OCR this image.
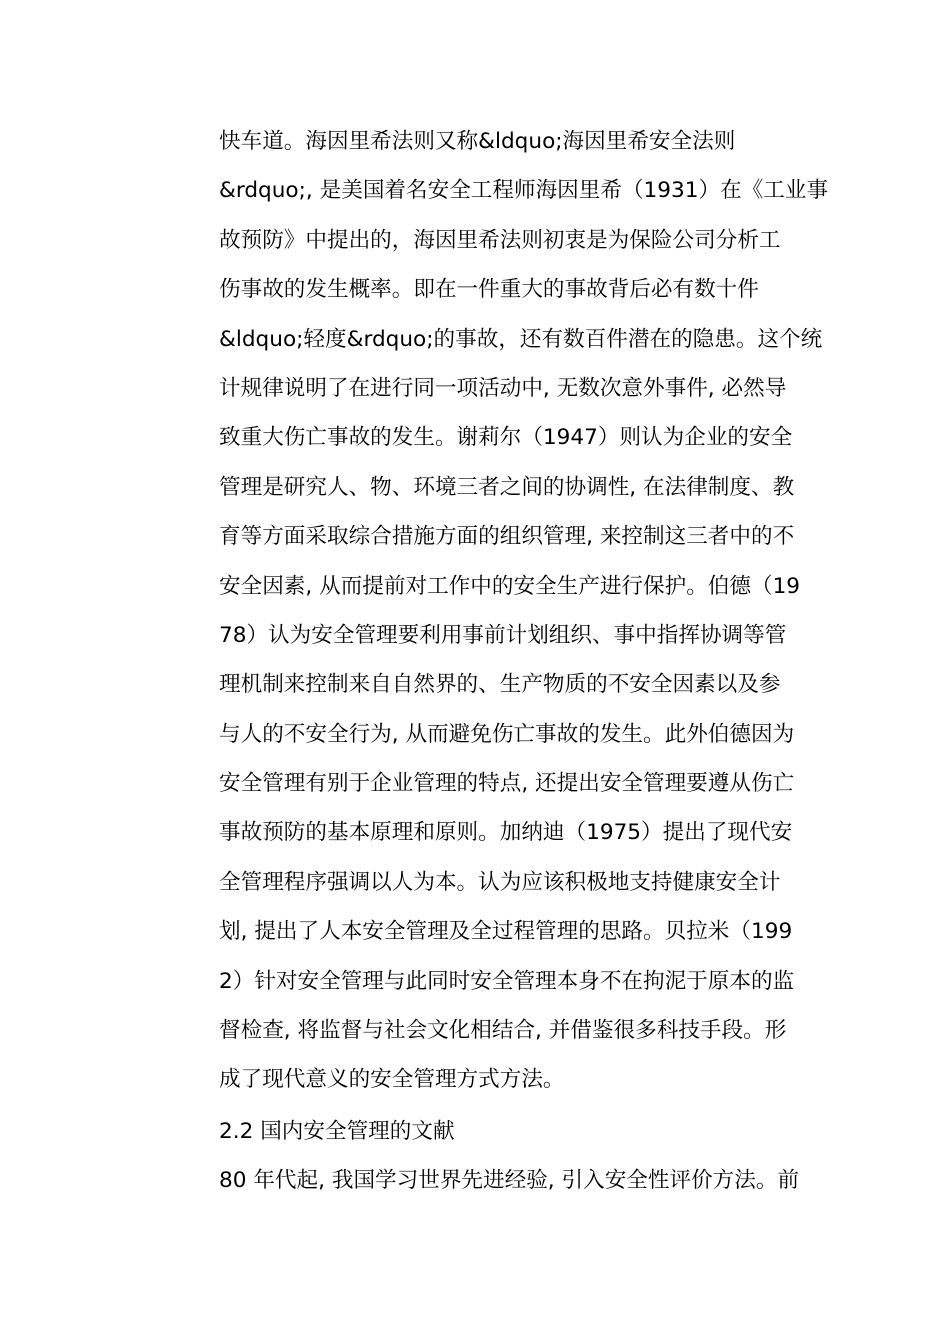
快车道。海因里希法则又称&ldquo;海因里希安全法则
&rdquo;, 是美国着名安全工程师海因里希（1931）在《工业事
故预防》中提出的，海因里希法则初衷是为保险公司分析工
伤事故的发生概率。即在一件重大的事故背后必有数十件
&ldquo;轻度&rdquo;的事故，还有数百件潜在的隐患。这个统
计规律说明了在进行同一项活动中, 无数次意外事件, 必然导
致重大伤亡事故的发生。谢莉尔（1947）则认为企业的安全
管理是研究人、物、环境三者之间的协调性, 在法律制度、教
育等方面采取综合措施方面的组织管理, 来控制这三者中的不
安全因素, 从而提前对工作中的安全生产进行保护。伯德（19
78）认为安全管理要利用事前计划组织、事中指挥协调等管
理机制来控制来自自然界的、生产物质的不安全因素以及参
与人的不安全行为, 从而避免伤亡事故的发生。此外伯德因为
安全管理有别于企业管理的特点, 还提出安全管理要遵从伤亡
事故预防的基本原理和原则。加纳迪（1975）提出了现代安
全管理程序强调以人为本。认为应该积极地支持健康安全计
划, 提出了人本安全管理及全过程管理的思路。贝拉米（199
2）针对安全管理与此同时安全管理本身不在拘泥于原本的监
督检查, 将监督与社会文化相结合, 并借鉴很多科技手段。形
成了现代意义的安全管理方式方法。
2.2 国内安全管理的文献
80 年代起, 我国学习世界先进经验, 引入安全性评价方法。前
